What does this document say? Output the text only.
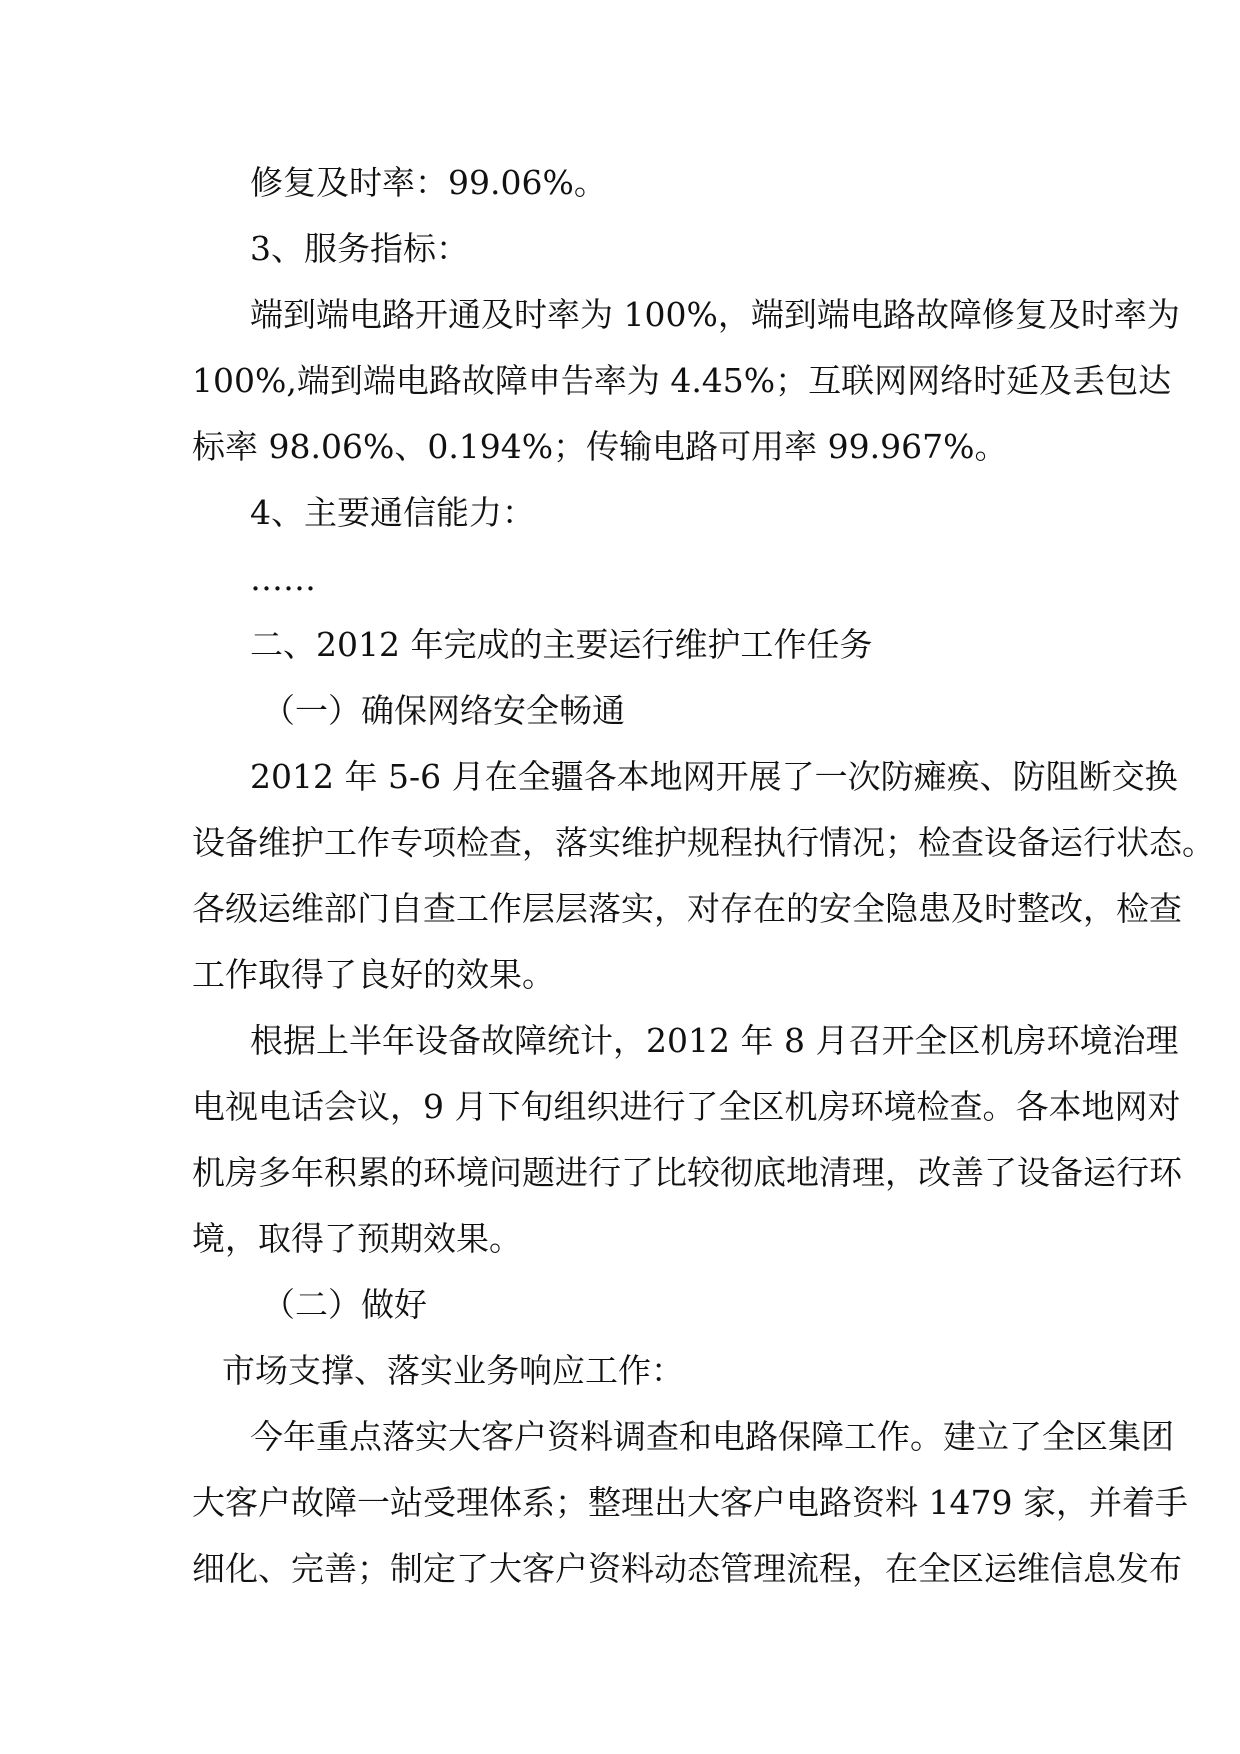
修复及时率：99.06%。
3、服务指标：
端到端电路开通及时率为 100%，端到端电路故障修复及时率为
100%,端到端电路故障申告率为 4.45%；互联网网络时延及丢包达
标率 98.06%、0.194%；传输电路可用率 99.967%。
4、主要通信能力：
……
二、2012 年完成的主要运行维护工作任务
（一）确保网络安全畅通
2012 年 5-6 月在全疆各本地网开展了一次防瘫痪、防阻断交换
设备维护工作专项检查，落实维护规程执行情况；检查设备运行状态。
各级运维部门自查工作层层落实，对存在的安全隐患及时整改，检查
工作取得了良好的效果。
根据上半年设备故障统计，2012 年 8 月召开全区机房环境治理
电视电话会议，9 月下旬组织进行了全区机房环境检查。各本地网对
机房多年积累的环境问题进行了比较彻底地清理，改善了设备运行环
境，取得了预期效果。
（二）做好
市场支撑、落实业务响应工作：
今年重点落实大客户资料调查和电路保障工作。建立了全区集团
大客户故障一站受理体系；整理出大客户电路资料 1479 家，并着手
细化、完善；制定了大客户资料动态管理流程，在全区运维信息发布
